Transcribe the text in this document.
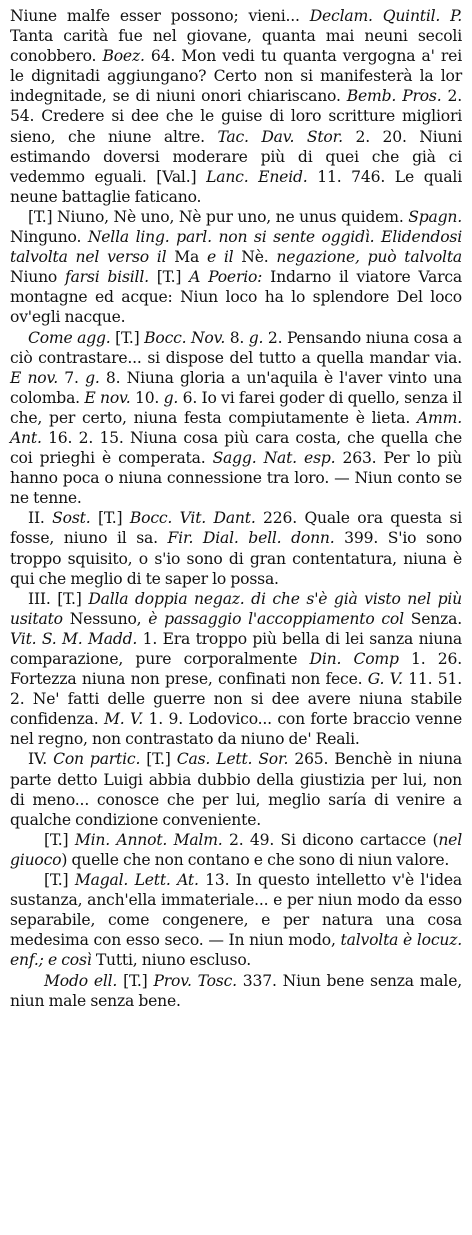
Niune malfe esser possono; vieni... Declam. Quintil. P. Tanta carità fue nel giovane, quanta mai neuni secoli conobbero. Boez. 64. Mon vedi tu quanta vergogna a' rei le dignitadi aggiungano? Certo non si manifesterà la lor indegnitade, se di niuni onori chiariscano. Bemb. Pros. 2. 54. Credere si dee che le guise di loro scritture migliori sieno, che niune altre. Tac. Dav. Stor. 2. 20. Niuni estimando doversi moderare più di quei che già ci vedemmo eguali. [Val.] Lanc. Eneid. 11. 746. Le quali neune battaglie faticano.

[T.] Niuno, Nè uno, Nè pur uno, ne unus quidem. Spagn. Ninguno. Nella ling. parl. non si sente oggidì. Elidendosi talvolta nel verso il Ma e il Nè. negazione, può talvolta Niuno farsi bisill. [T.] A Poerio: Indarno il viatore Varca montagne ed acque: Niun loco ha lo splendore Del loco ov'egli nacque.

Come agg. [T.] Bocc. Nov. 8. g. 2. Pensando niuna cosa a ciò contrastare... si dispose del tutto a quella mandar via. E nov. 7. g. 8. Niuna gloria a un'aquila è l'aver vinto una colomba. E nov. 10. g. 6. Io vi farei goder di quello, senza il che, per certo, niuna festa compiutamente è lieta. Amm. Ant. 16. 2. 15. Niuna cosa più cara costa, che quella che coi prieghi è comperata. Sagg. Nat. esp. 263. Per lo più hanno poca o niuna connessione tra loro. — Niun conto se ne tenne.

II. Sost. [T.] Bocc. Vit. Dant. 226. Quale ora questa si fosse, niuno il sa. Fir. Dial. bell. donn. 399. S'io sono troppo squisito, o s'io sono di gran contentatura, niuna è qui che meglio di te saper lo possa.

III. [T.] Dalla doppia negaz. di che s'è già visto nel più usitato Nessuno, è passaggio l'accoppiamento col Senza. Vit. S. M. Madd. 1. Era troppo più bella di lei sanza niuna comparazione, pure corporalmente Din. Comp 1. 26. Fortezza niuna non prese, confinati non fece. G. V. 11. 51. 2. Ne' fatti delle guerre non si dee avere niuna stabile confidenza. M. V. 1. 9. Lodovico... con forte braccio venne nel regno, non contrastato da niuno de' Reali.

IV. Con partic. [T.] Cas. Lett. Sor. 265. Benchè in niuna parte detto Luigi abbia dubbio della giustizia per lui, non di meno... conosce che per lui, meglio saría di venire a qualche condizione conveniente.

[T.] Min. Annot. Malm. 2. 49. Si dicono cartacce (nel giuoco) quelle che non contano e che sono di niun valore.

[T.] Magal. Lett. At. 13. In questo intelletto v'è l'idea sustanza, anch'ella immateriale... e per niun modo da esso separabile, come congenere, e per natura una cosa medesima con esso seco. — In niun modo, talvolta è locuz. enf.; e così Tutti, niuno escluso.

Modo ell. [T.] Prov. Tosc. 337. Niun bene senza male, niun male senza bene.
